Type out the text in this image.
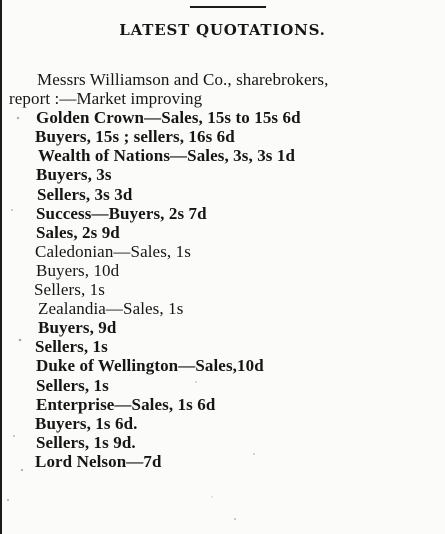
LATEST QUOTATIONS.
Messrs Williamson and Co., sharebrokers,
report :—Market improving
Golden Crown—Sales, 15s to 15s 6d
Buyers, 15s ; sellers, 16s 6d
Wealth of Nations—Sales, 3s, 3s 1d
Buyers, 3s
Sellers, 3s 3d
Success—Buyers, 2s 7d
Sales, 2s 9d
Caledonian—Sales, 1s
Buyers, 10d
Sellers, 1s
Zealandia—Sales, 1s
Buyers, 9d
Sellers, 1s
Duke of Wellington—Sales,10d
Sellers, 1s
Enterprise—Sales, 1s 6d
Buyers, 1s 6d.
Sellers, 1s 9d.
Lord Nelson—7d
